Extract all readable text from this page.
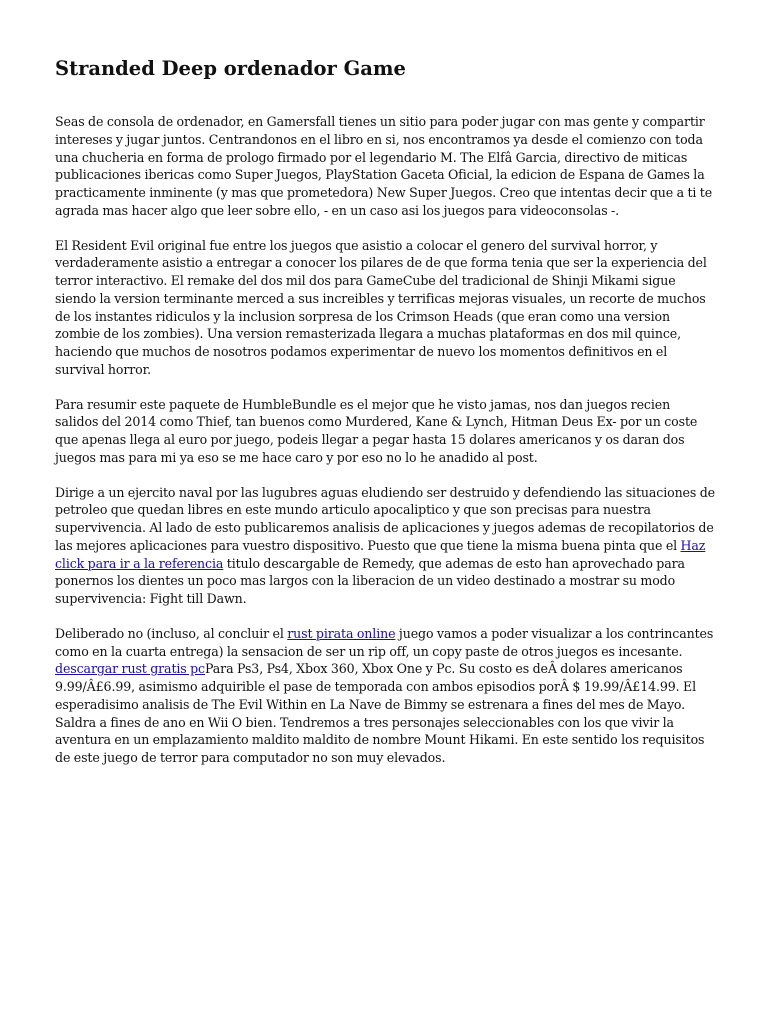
Stranded Deep ordenador Game

Seas de consola de ordenador, en Gamersfall tienes un sitio para poder jugar con mas gente y compartir intereses y jugar juntos. Centrandonos en el libro en si, nos encontramos ya desde el comienzo con toda una chucheria en forma de prologo firmado por el legendario M. The Elfâ Garcia, directivo de miticas publicaciones ibericas como Super Juegos, PlayStation Gaceta Oficial, la edicion de Espana de Games la practicamente inminente (y mas que prometedora) New Super Juegos. Creo que intentas decir que a ti te agrada mas hacer algo que leer sobre ello, - en un caso asi los juegos para videoconsolas -.

El Resident Evil original fue entre los juegos que asistio a colocar el genero del survival horror, y verdaderamente asistio a entregar a conocer los pilares de de que forma tenia que ser la experiencia del terror interactivo. El remake del dos mil dos para GameCube del tradicional de Shinji Mikami sigue siendo la version terminante merced a sus increibles y terrificas mejoras visuales, un recorte de muchos de los instantes ridiculos y la inclusion sorpresa de los Crimson Heads (que eran como una version zombie de los zombies). Una version remasterizada llegara a muchas plataformas en dos mil quince, haciendo que muchos de nosotros podamos experimentar de nuevo los momentos definitivos en el survival horror.

Para resumir este paquete de HumbleBundle es el mejor que he visto jamas, nos dan juegos recien salidos del 2014 como Thief, tan buenos como Murdered, Kane & Lynch, Hitman Deus Ex- por un coste que apenas llega al euro por juego, podeis llegar a pegar hasta 15 dolares americanos y os daran dos juegos mas para mi ya eso se me hace caro y por eso no lo he anadido al post.

Dirige a un ejercito naval por las lugubres aguas eludiendo ser destruido y defendiendo las situaciones de petroleo que quedan libres en este mundo articulo apocaliptico y que son precisas para nuestra supervivencia. Al lado de esto publicaremos analisis de aplicaciones y juegos ademas de recopilatorios de las mejores aplicaciones para vuestro dispositivo. Puesto que que tiene la misma buena pinta que el Haz click para ir a la referencia titulo descargable de Remedy, que ademas de esto han aprovechado para ponernos los dientes un poco mas largos con la liberacion de un video destinado a mostrar su modo supervivencia: Fight till Dawn.

Deliberado no (incluso, al concluir el rust pirata online juego vamos a poder visualizar a los contrincantes como en la cuarta entrega) la sensacion de ser un rip off, un copy paste de otros juegos es incesante. descargar rust gratis pcPara Ps3, Ps4, Xbox 360, Xbox One y Pc. Su costo es deÂ dolares americanos 9.99/Â£6.99, asimismo adquirible el pase de temporada con ambos episodios porÂ $ 19.99/Â£14.99. El esperadisimo analisis de The Evil Within en La Nave de Bimmy se estrenara a fines del mes de Mayo. Saldra a fines de ano en Wii O bien. Tendremos a tres personajes seleccionables con los que vivir la aventura en un emplazamiento maldito maldito de nombre Mount Hikami. En este sentido los requisitos de este juego de terror para computador no son muy elevados.
